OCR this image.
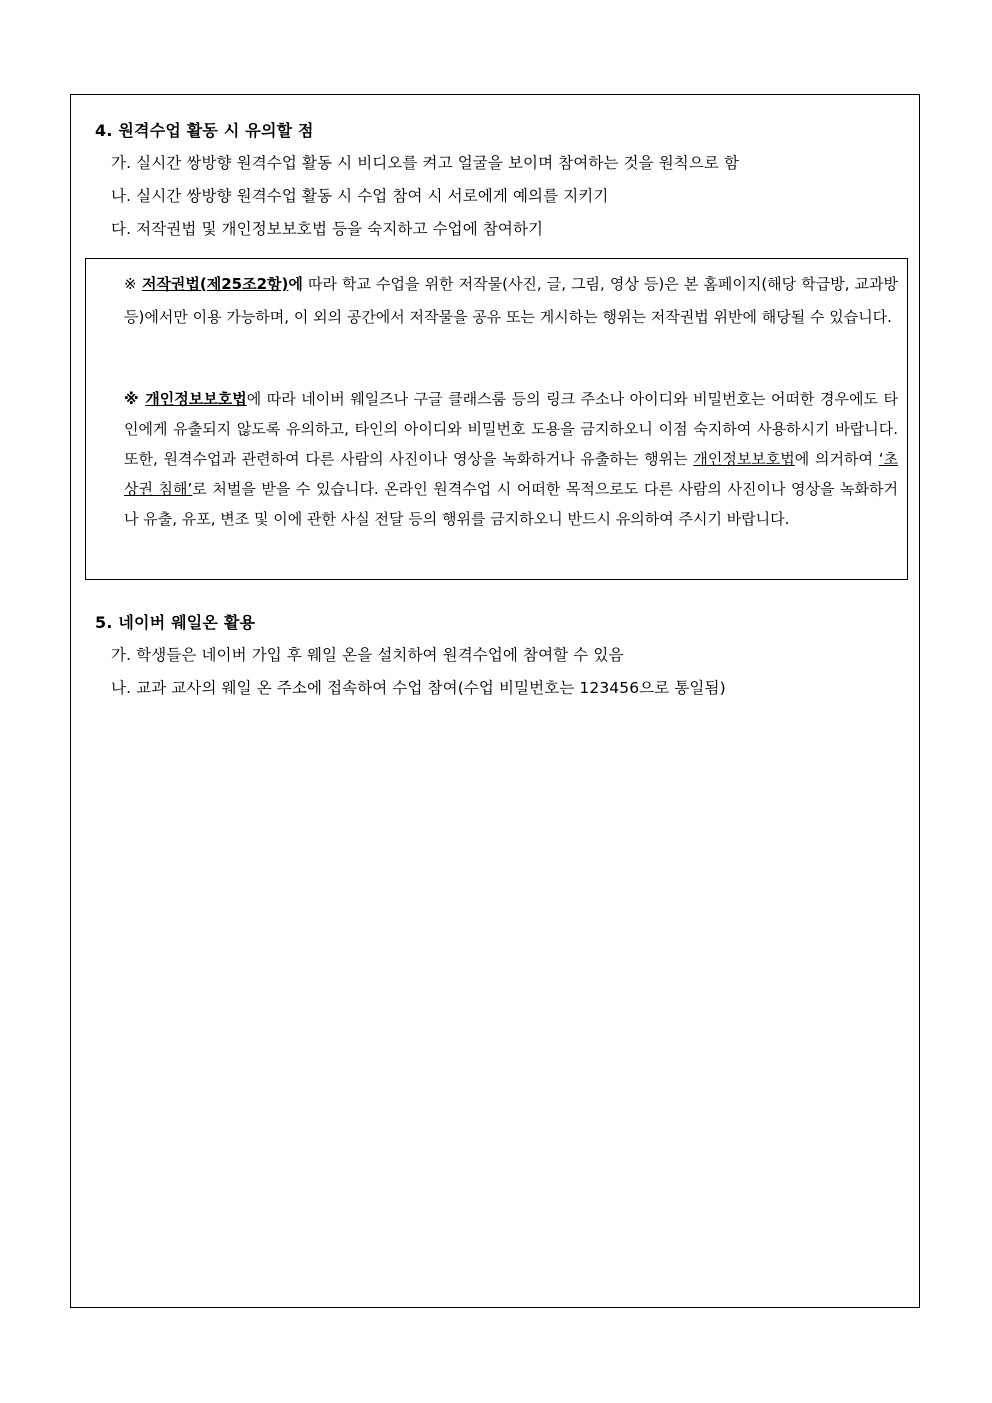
4. 원격수업 활동 시 유의할 점
가. 실시간 쌍방향 원격수업 활동 시 비디오를 켜고 얼굴을 보이며 참여하는 것을 원칙으로 함
나. 실시간 쌍방향 원격수업 활동 시 수업 참여 시 서로에게 예의를 지키기
다. 저작권법 및 개인정보보호법 등을 숙지하고 수업에 참여하기
※ 저작권법(제25조2항)에 따라 학교 수업을 위한 저작물(사진, 글, 그림, 영상 등)은 본 홈페이지(해당 학급방, 교과방 등)에서만 이용 가능하며, 이 외의 공간에서 저작물을 공유 또는 게시하는 행위는 저작권법 위반에 해당될 수 있습니다.
※ 개인정보보호법에 따라 네이버 웨일즈나 구글 클래스룸 등의 링크 주소나 아이디와 비밀번호는 어떠한 경우에도 타인에게 유출되지 않도록 유의하고, 타인의 아이디와 비밀번호 도용을 금지하오니 이점 숙지하여 사용하시기 바랍니다. 또한, 원격수업과 관련하여 다른 사람의 사진이나 영상을 녹화하거나 유출하는 행위는 개인정보보호법에 의거하여 ‘초상권 침해’로 처벌을 받을 수 있습니다. 온라인 원격수업 시 어떠한 목적으로도 다른 사람의 사진이나 영상을 녹화하거나 유출, 유포, 변조 및 이에 관한 사실 전달 등의 행위를 금지하오니 반드시 유의하여 주시기 바랍니다.
5. 네이버 웨일온 활용
가. 학생들은 네이버 가입 후 웨일 온을 설치하여 원격수업에 참여할 수 있음
나. 교과 교사의 웨일 온 주소에 접속하여 수업 참여(수업 비밀번호는 123456으로 통일됨)
